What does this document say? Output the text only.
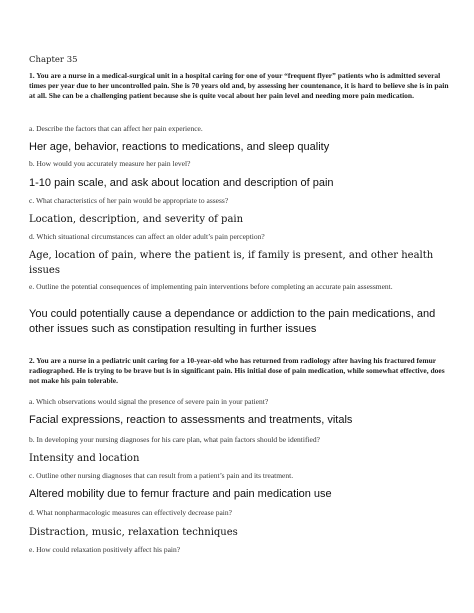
Chapter 35
1. You are a nurse in a medical-surgical unit in a hospital caring for one of your “frequent flyer” patients who is admitted several times per year due to her uncontrolled pain. She is 70 years old and, by assessing her countenance, it is hard to believe she is in pain at all. She can be a challenging patient because she is quite vocal about her pain level and needing more pain medication.
a. Describe the factors that can affect her pain experience.
Her age, behavior, reactions to medications, and sleep quality
b. How would you accurately measure her pain level?
1-10 pain scale, and ask about location and description of pain
c. What characteristics of her pain would be appropriate to assess?
Location, description, and severity of pain
d. Which situational circumstances can affect an older adult’s pain perception?
Age, location of pain, where the patient is, if family is present, and other health issues
e. Outline the potential consequences of implementing pain interventions before completing an accurate pain assessment.
You could potentially cause a dependance or addiction to the pain medications, and other issues such as constipation resulting in further issues
2. You are a nurse in a pediatric unit caring for a 10-year-old who has returned from radiology after having his fractured femur radiographed. He is trying to be brave but is in significant pain. His initial dose of pain medication, while somewhat effective, does not make his pain tolerable.
a. Which observations would signal the presence of severe pain in your patient?
Facial expressions, reaction to assessments and treatments, vitals
b. In developing your nursing diagnoses for his care plan, what pain factors should be identified?
Intensity and location
c. Outline other nursing diagnoses that can result from a patient’s pain and its treatment.
Altered mobility due to femur fracture and pain medication use
d. What nonpharmacologic measures can effectively decrease pain?
Distraction, music, relaxation techniques
e. How could relaxation positively affect his pain?
